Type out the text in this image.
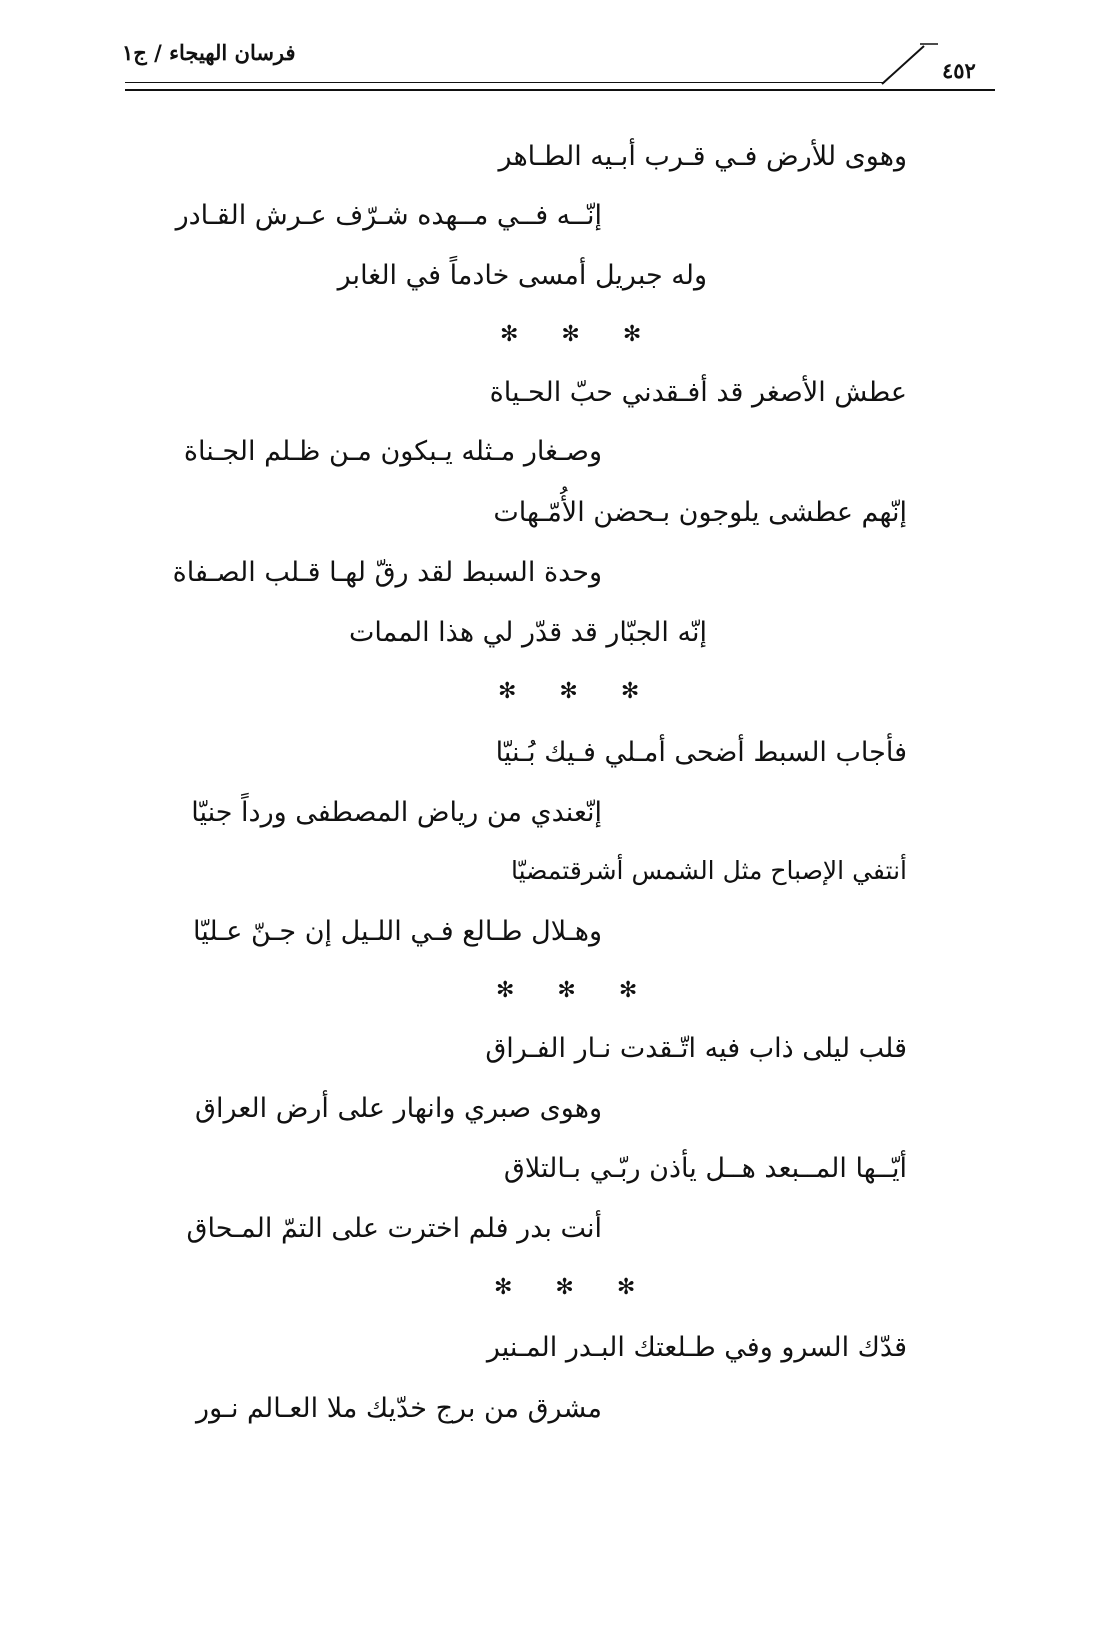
فرسان الهيجاء / ج١
٤٥٢
وهوى للأرض فـي قـرب أبـيه الطـاهر
إنّــه فــي مــهده شـرّف عـرش القـادر
وله جبريل أمسى خادماً في الغابر
✻ ✻ ✻
عطش الأصغر قد أفـقدني حبّ الحـياة
وصـغار مـثله يـبكون مـن ظـلم الجـناة
إنّهم عطشى يلوجون بـحضن الأُمّـهات
وحدة السبط لقد رقّ لهـا قـلب الصـفاة
إنّه الجبّار قد قدّر لي هذا الممات
✻ ✻ ✻
فأجاب السبط أضحى أمـلي فـيك بُـنيّا
إنّعندي من رياض المصطفى ورداً جنيّا
أنتفي الإصباح مثل الشمس أشرقتمضيّا
وهـلال طـالع فـي اللـيل إن جـنّ عـليّا
✻ ✻ ✻
قلب ليلى ذاب فيه اتّـقدت نـار الفـراق
وهوى صبري وانهار على أرض العراق
أيّــها المــبعد هــل يأذن ربّـي بـالتلاق
أنت بدر فلم اخترت على التمّ المـحاق
✻ ✻ ✻
قدّك السرو وفي طـلعتك البـدر المـنير
مشرق من برج خدّيك ملا العـالم نـور
